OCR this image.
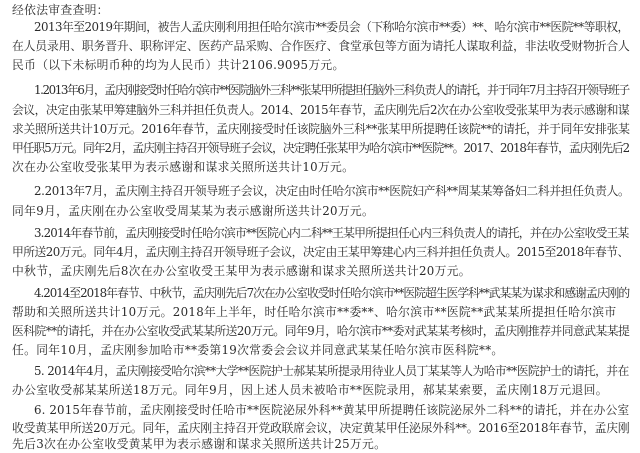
经依法审查查明：
2013年至2019年期间，被告人孟庆刚利用担任哈尔滨市**委员会（下称哈尔滨市**委）**、哈尔滨市**医院**等职权，
在人员录用、职务晋升、职称评定、医药产品采购、合作医疗、食堂承包等方面为请托人谋取利益，非法收受财物折合人
民币（以下未标明币种的均为人民币）共计2106.9095万元。
1.2013年6月，孟庆刚接受时任哈尔滨市**医院脑外三科**张某甲所提担任脑外三科负责人的请托，并于同年7月主持召开领导班子
会议，决定由张某甲筹建脑外三科并担任负责人。2014、2015年春节，孟庆刚先后2次在办公室收受张某甲为表示感谢和谋
求关照所送共计10万元。2016年春节，孟庆刚接受时任该院脑外三科**张某甲所提聘任该院**的请托，并于同年安排张某
甲任职5万元。同年2月，孟庆刚主持召开领导班子会议，决定聘任张某甲为哈尔滨市**医院**。2017、2018年春节，孟庆刚先后2
次在办公室收受张某甲为表示感谢和谋求关照所送共计10万元。
2.2013年7月，孟庆刚主持召开领导班子会议，决定由时任哈尔滨市**医院妇产科**周某某筹备妇二科并担任负责人。
同年9月，孟庆刚在办公室收受周某某为表示感谢所送共计20万元。
3.2014年春节前，孟庆刚接受时任哈尔滨市**医院心内二科**王某甲所提担任心内三科负责人的请托，并在办公室收受王某
甲所送20万元。同年4月，孟庆刚主持召开领导班子会议，决定由王某甲筹建心内三科并担任负责人。2015至2018年春节、
中秋节，孟庆刚先后8次在办公室收受王某甲为表示感谢和谋求关照所送共计20万元。
4.2014至2018年春节、中秋节，孟庆刚先后7次在办公室收受时任哈尔滨市**医院超生医学科**武某某为谋求和感谢孟庆刚的
帮助和关照所送共计10万元。2018年上半年，时任哈尔滨市**委**、哈尔滨市**医院**武某某所提担任哈尔滨市
医科院**的请托，并在办公室收受武某某所送20万元。同年9月，哈尔滨市**委对武某某考核时，孟庆刚推荐并同意武某某提
任。同年10月，孟庆刚参加哈市**委第19次常委会会议并同意武某某任哈尔滨市医科院**。
5. 2014年4月，孟庆刚接受哈尔滨**大学**医院护士郝某某所提录用待业人员丁某某等人为哈市**医院护士的请托，并在
办公室收受郝某某所送18万元。同年9月，因上述人员未被哈市**医院录用，郝某某索要，孟庆刚18万元退回。
6. 2015年春节前，孟庆刚接受时任哈市**医院泌尿外科**黄某甲所提聘任该院泌尿外二科**的请托，并在办公室
收受黄某甲所送20万元。同年，孟庆刚主持召开党政联席会议，决定黄某甲任泌尿外科**。2016至2018年春节，孟庆刚
先后3次在办公室收受黄某甲为表示感谢和谋求关照所送共计25万元。
